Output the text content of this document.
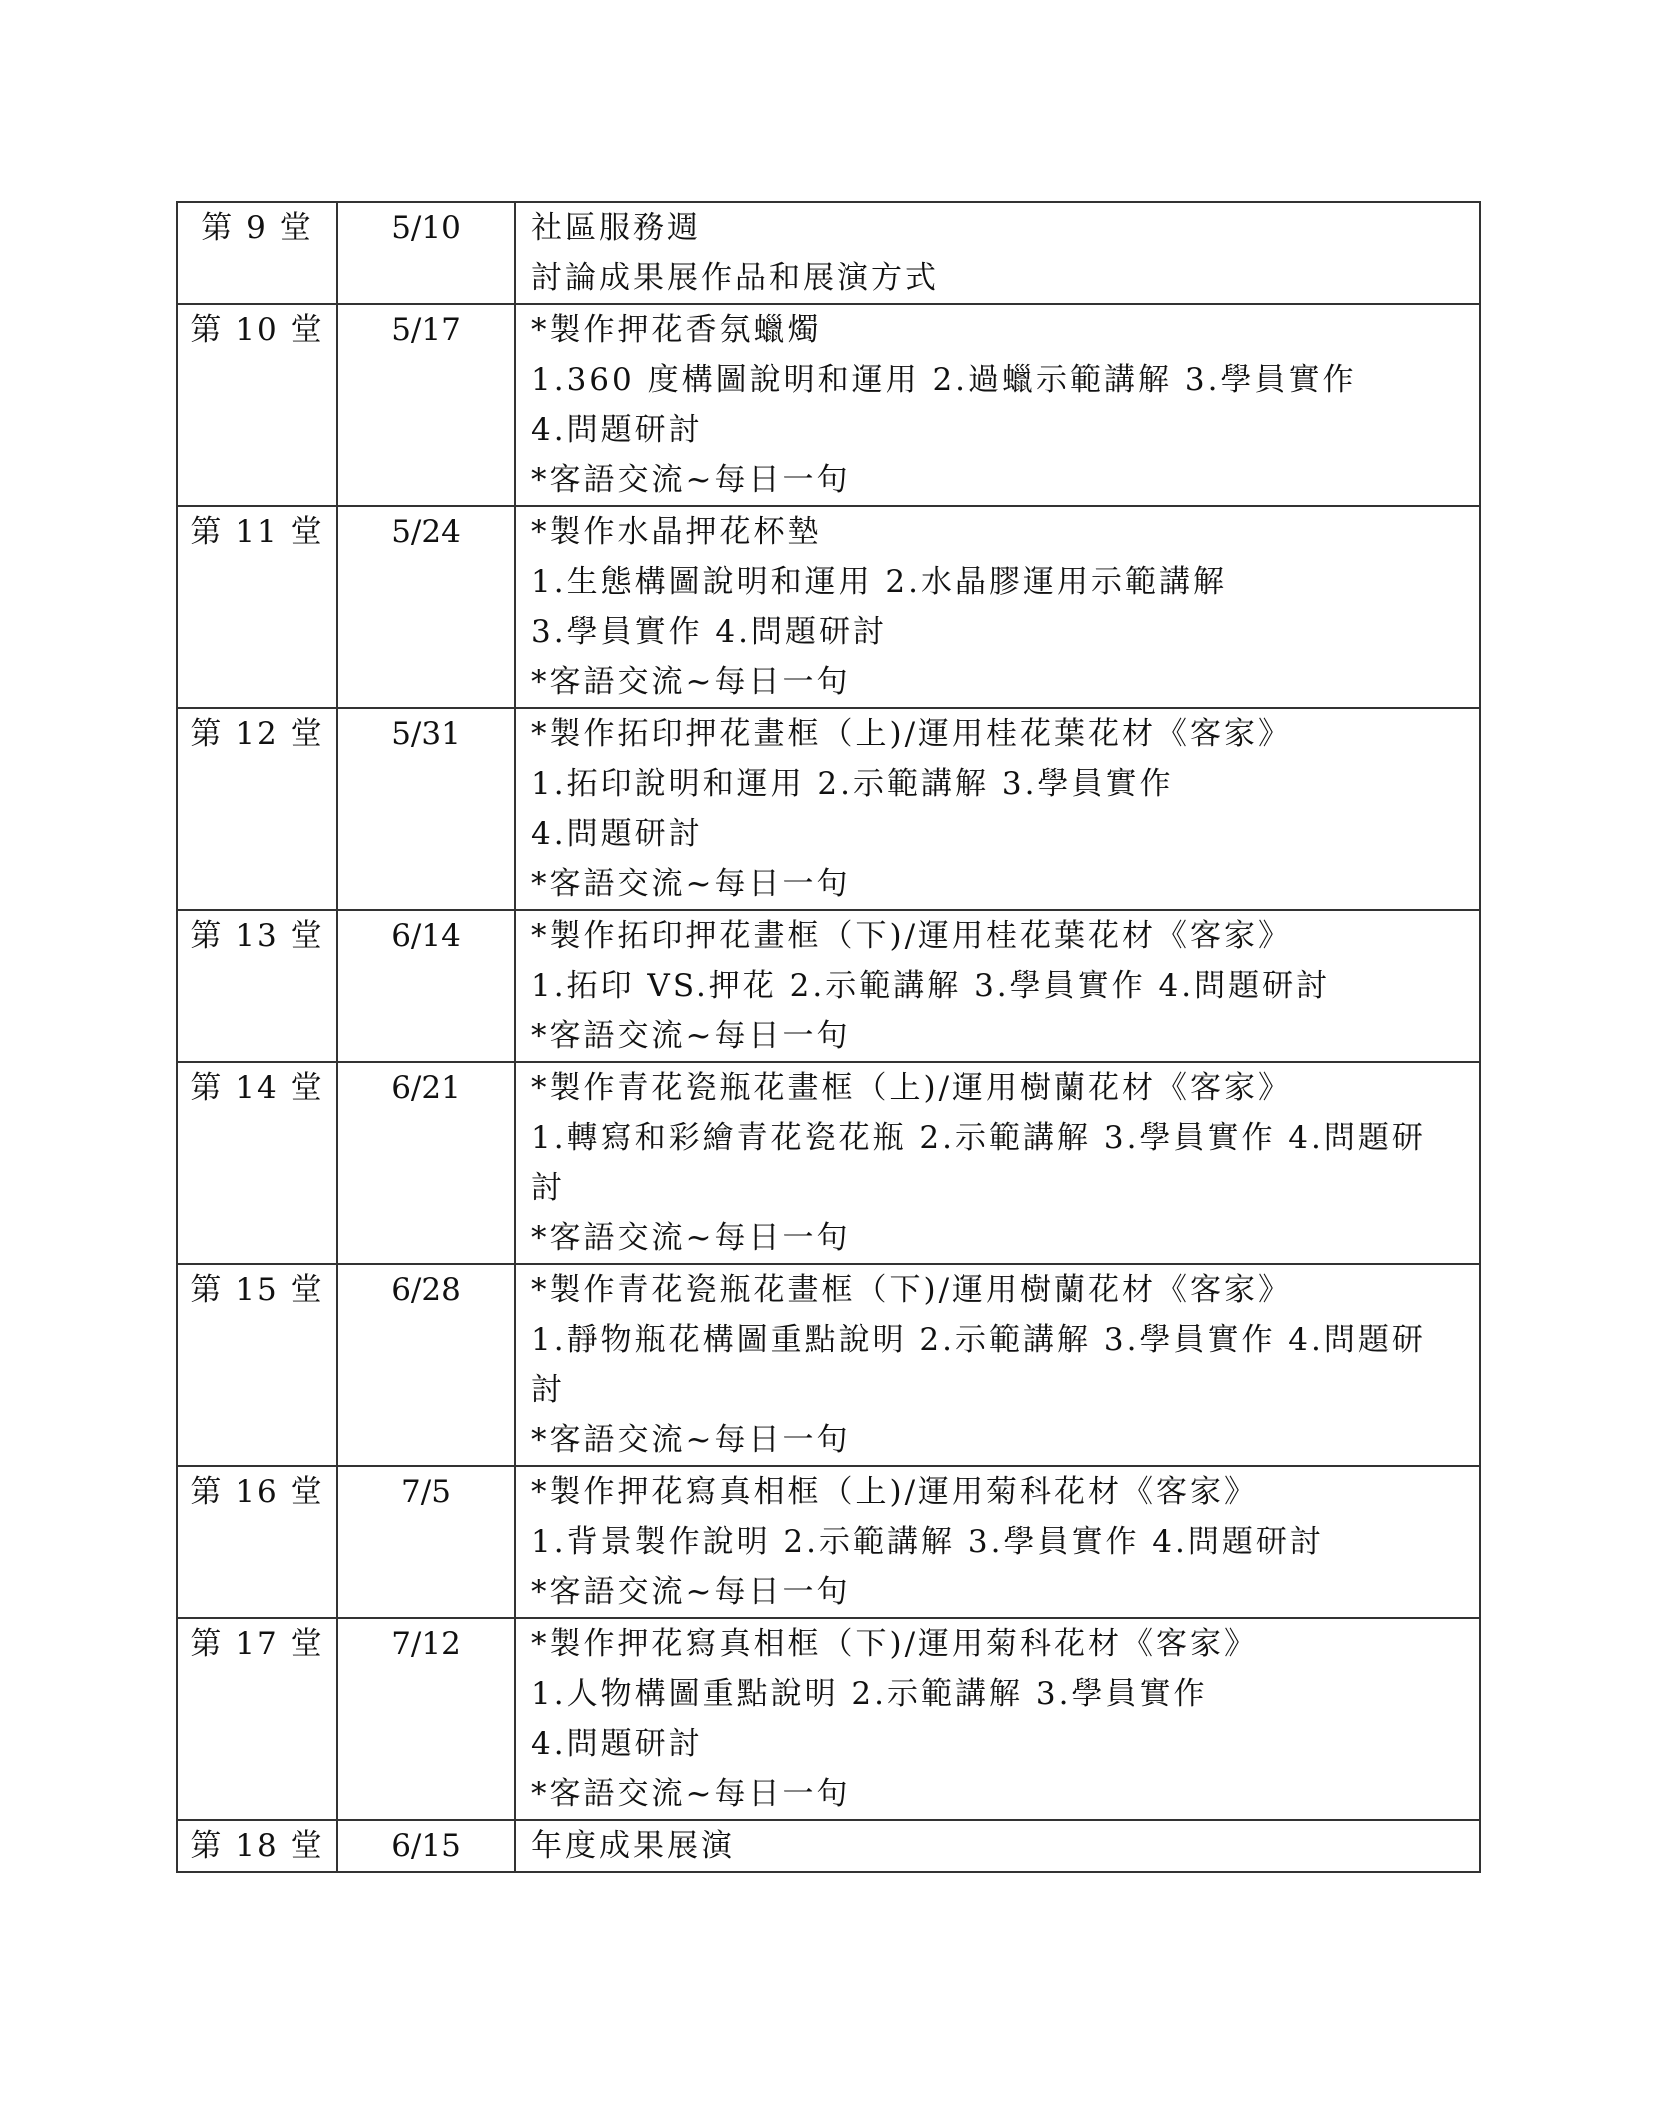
第 9 堂	5/10	社區服務週
討論成果展作品和展演方式

第 10 堂	5/17	*製作押花香氛蠟燭
1.360 度構圖說明和運用 2.過蠟示範講解 3.學員實作
4.問題研討
*客語交流~每日一句

第 11 堂	5/24	*製作水晶押花杯墊
1.生態構圖說明和運用 2.水晶膠運用示範講解
3.學員實作 4.問題研討
*客語交流~每日一句

第 12 堂	5/31	*製作拓印押花畫框（上)/運用桂花葉花材《客家》
1.拓印說明和運用 2.示範講解 3.學員實作
4.問題研討
*客語交流~每日一句

第 13 堂	6/14	*製作拓印押花畫框（下)/運用桂花葉花材《客家》
1.拓印 VS.押花 2.示範講解 3.學員實作 4.問題研討
*客語交流~每日一句

第 14 堂	6/21	*製作青花瓷瓶花畫框（上)/運用樹蘭花材《客家》
1.轉寫和彩繪青花瓷花瓶 2.示範講解 3.學員實作 4.問題研
討
*客語交流~每日一句

第 15 堂	6/28	*製作青花瓷瓶花畫框（下)/運用樹蘭花材《客家》
1.靜物瓶花構圖重點說明 2.示範講解 3.學員實作 4.問題研
討
*客語交流~每日一句

第 16 堂	7/5	*製作押花寫真相框（上)/運用菊科花材《客家》
1.背景製作說明 2.示範講解 3.學員實作 4.問題研討
*客語交流~每日一句

第 17 堂	7/12	*製作押花寫真相框（下)/運用菊科花材《客家》
1.人物構圖重點說明 2.示範講解 3.學員實作
4.問題研討
*客語交流~每日一句

第 18 堂	6/15	年度成果展演
